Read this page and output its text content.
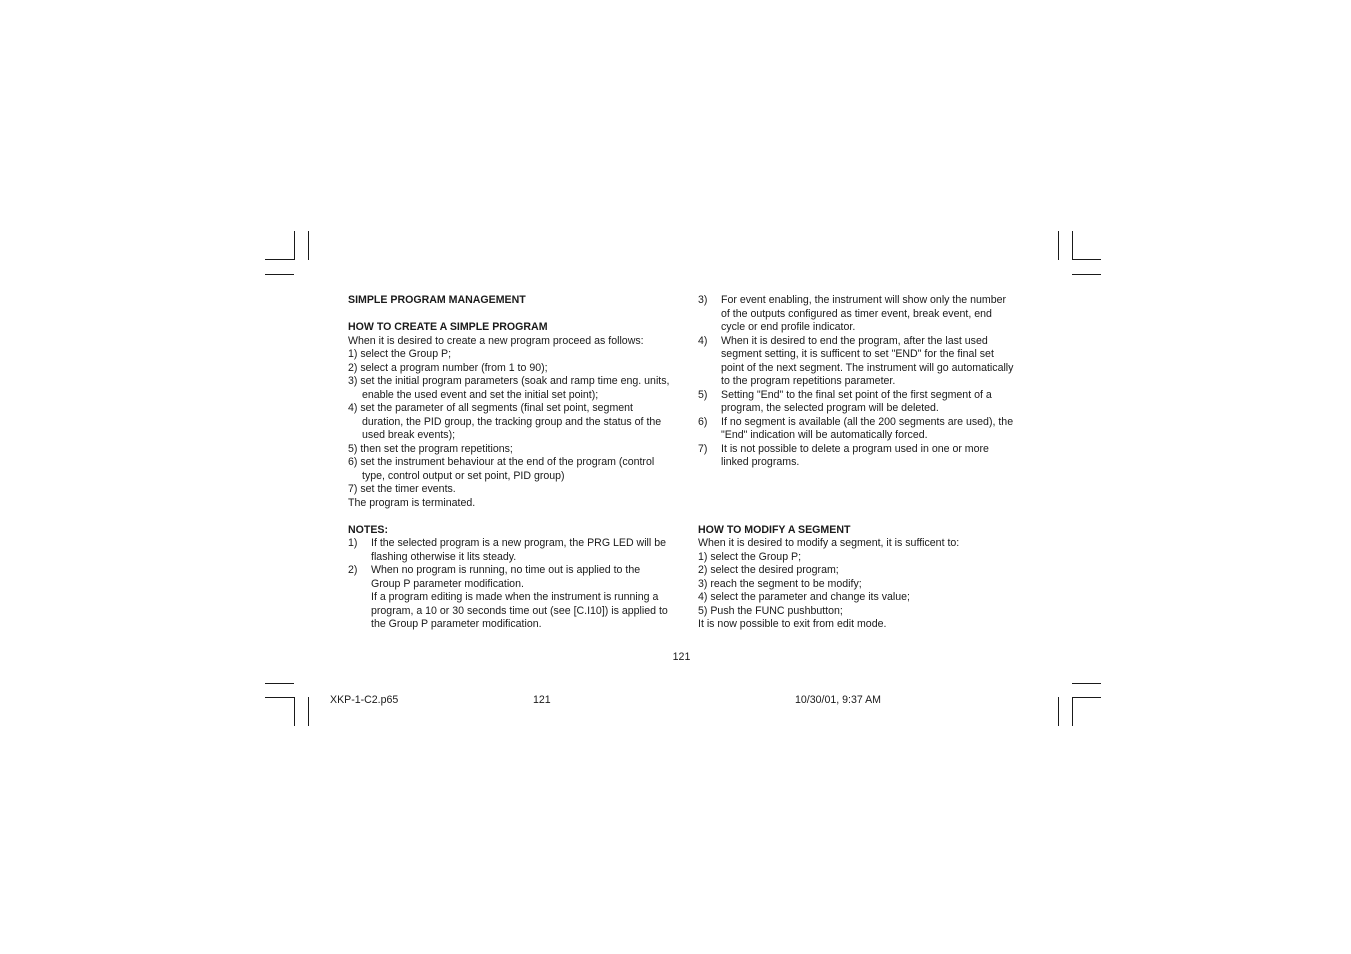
SIMPLE PROGRAM MANAGEMENT

HOW TO CREATE A SIMPLE PROGRAM

When it is desired to create a new program proceed as follows:

1) select the Group P;

2) select a program number (from 1 to 90);

3) set the initial program parameters (soak and ramp time eng. units, enable the used event and set the initial set point);

4) set the parameter of all segments (final set point, segment duration, the PID group, the tracking group and the status of the used break events);

5) then set the program repetitions;

6) set the instrument behaviour at the end of the program (control type, control output or set point, PID group)

7) set the timer events.

The program is terminated.

NOTES:

1)	If the selected program is a new program, the PRG LED will be flashing otherwise it lits steady.
2)	When no program is running, no time out is applied to the Group P parameter modification.
If a program editing is made when the instrument is running a program, a 10 or 30 seconds time out (see [C.I10]) is applied to the Group P parameter modification.
3)	For event enabling, the instrument will show only the number of the outputs configured as timer event, break event, end cycle or end profile indicator.
4)	When it is desired to end the program, after the last used segment setting, it is sufficent to set "END" for the final set point of the next segment. The instrument will go automatically to the program repetitions parameter.
5)	Setting "End" to the final set point of the first segment of a program, the selected program will be deleted.
6)	If no segment is available (all the 200 segments are used), the "End" indication will be automatically forced.
7)	It is not possible to delete a program used in one or more linked programs.

HOW TO MODIFY A SEGMENT

When it is desired to modify a segment, it is sufficent to:

1) select the Group P;

2) select the desired program;

3) reach the segment to be modify;

4) select the parameter and change its value;

5) Push the FUNC pushbutton;

It is now possible to exit from edit mode.

121
XKP-1-C2.p65	121	10/30/01, 9:37 AM
